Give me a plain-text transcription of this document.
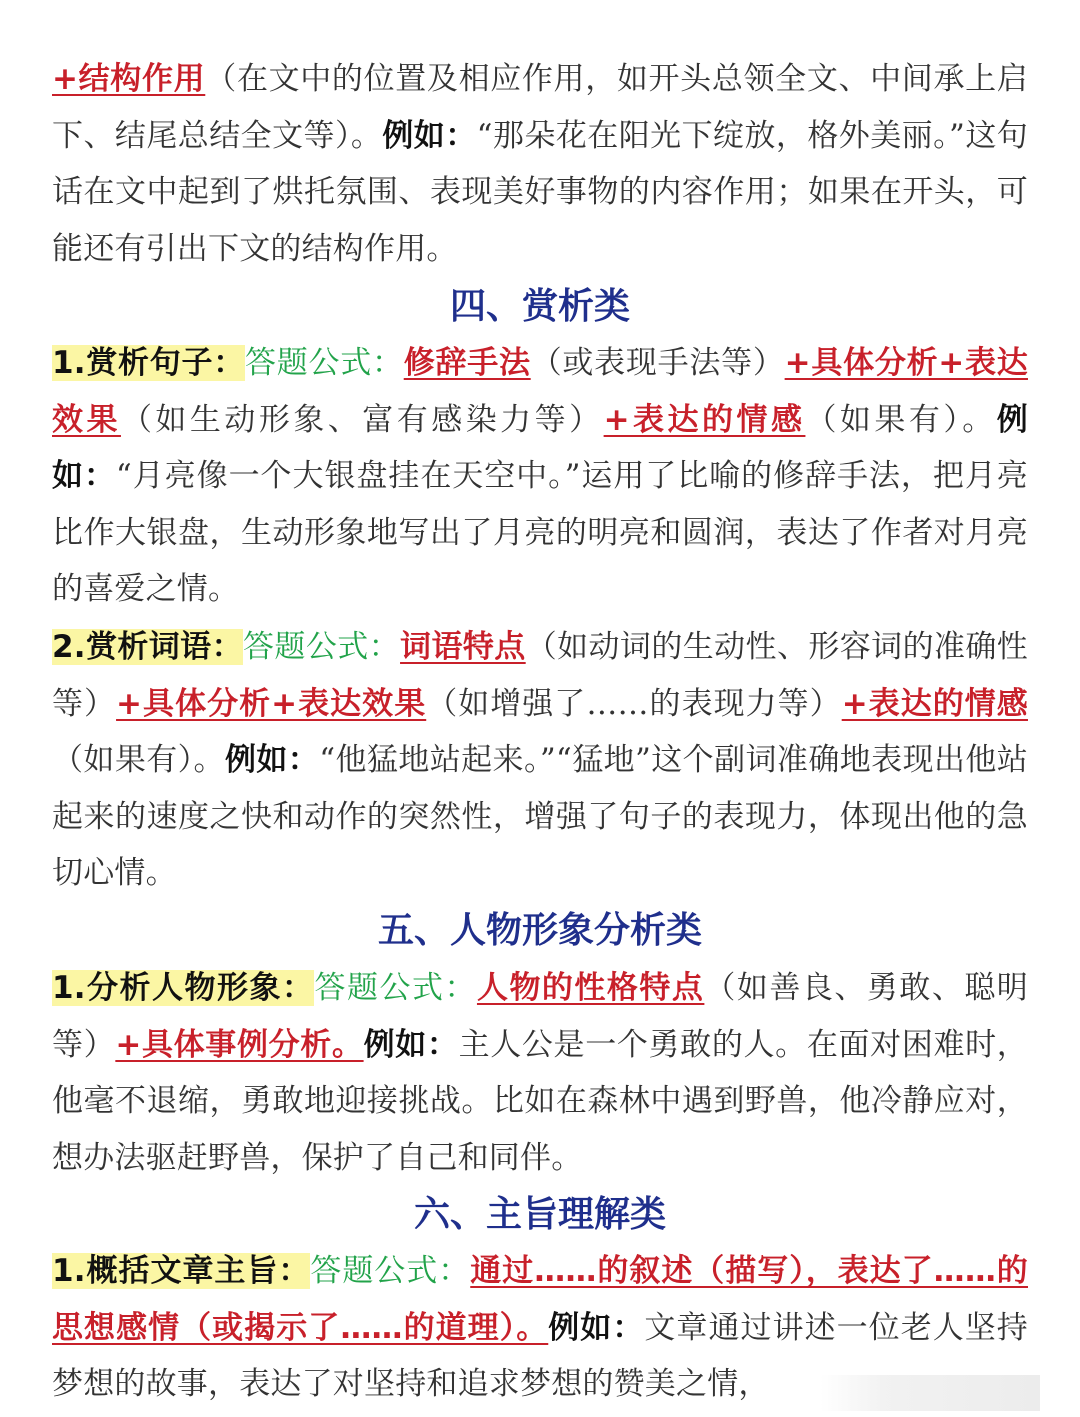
+结构作用（在文中的位置及相应作用，如开头总领全文、中间承上启下、结尾总结全文等）。例如：“那朵花在阳光下绽放，格外美丽。”这句话在文中起到了烘托氛围、表现美好事物的内容作用；如果在开头，可能还有引出下文的结构作用。
四、赏析类
1.赏析句子：答题公式：修辞手法（或表现手法等）+具体分析+表达效果（如生动形象、富有感染力等）+表达的情感（如果有）。例如：“月亮像一个大银盘挂在天空中。”运用了比喻的修辞手法，把月亮比作大银盘，生动形象地写出了月亮的明亮和圆润，表达了作者对月亮的喜爱之情。
2.赏析词语：答题公式：词语特点（如动词的生动性、形容词的准确性等）+具体分析+表达效果（如增强了……的表现力等）+表达的情感（如果有）。例如：“他猛地站起来。”“猛地”这个副词准确地表现出他站起来的速度之快和动作的突然性，增强了句子的表现力，体现出他的急切心情。
五、人物形象分析类
1.分析人物形象：答题公式：人物的性格特点（如善良、勇敢、聪明等）+具体事例分析。例如：主人公是一个勇敢的人。在面对困难时，他毫不退缩，勇敢地迎接挑战。比如在森林中遇到野兽，他冷静应对，想办法驱赶野兽，保护了自己和同伴。
六、主旨理解类
1.概括文章主旨：答题公式：通过……的叙述（描写），表达了……的思想感情（或揭示了……的道理）。例如：文章通过讲述一位老人坚持梦想的故事，表达了对坚持和追求梦想的赞美之情，
